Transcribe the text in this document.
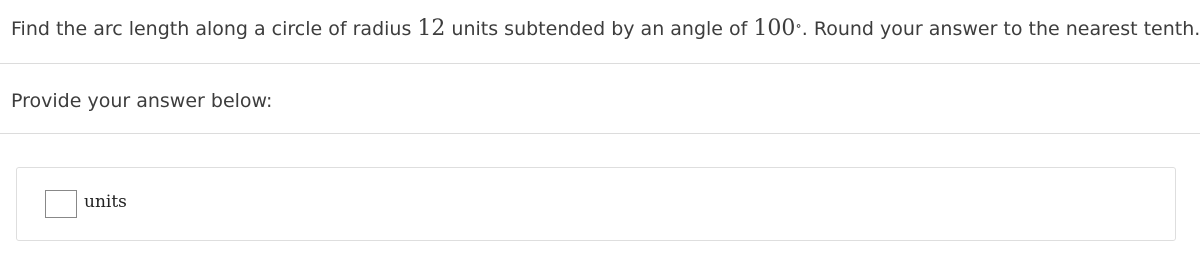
Find the arc length along a circle of radius 12 units subtended by an angle of 100∘. Round your answer to the nearest tenth.
Provide your answer below:
units
